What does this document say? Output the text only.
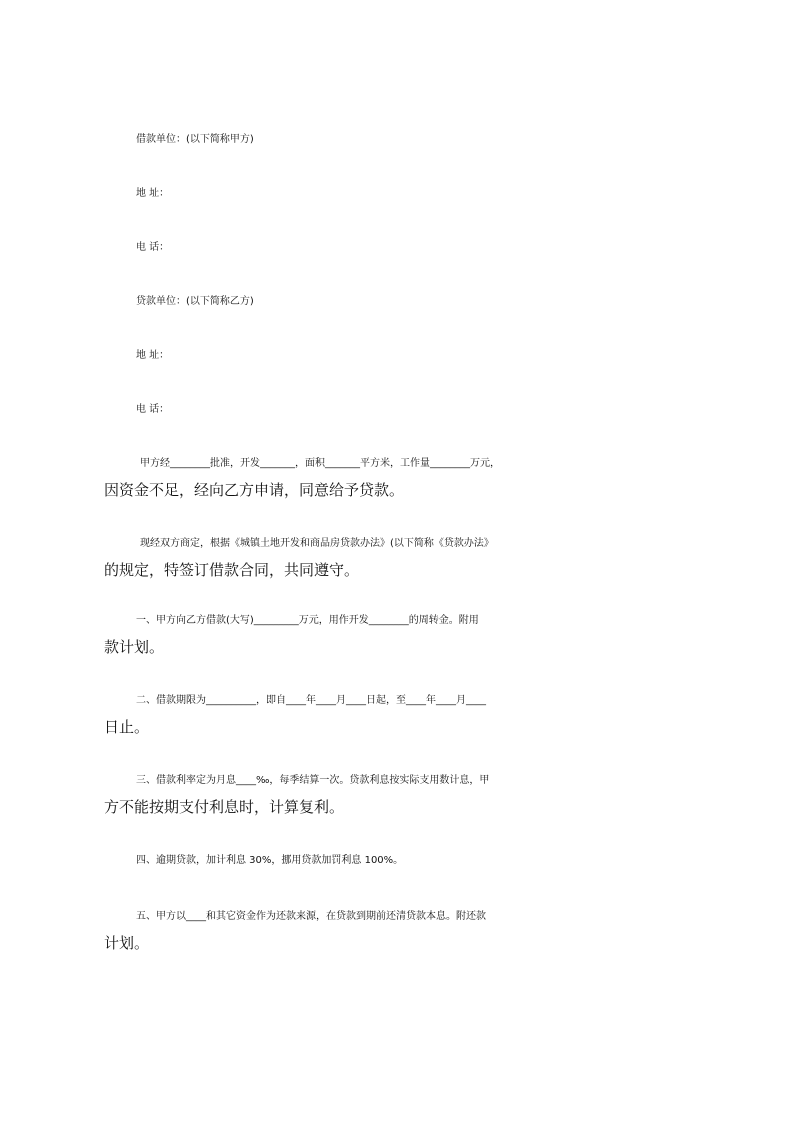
借款单位：(以下简称甲方)
地 址：
电 话：
贷款单位：(以下简称乙方)
地 址：
电 话：
甲方经________批准，开发_______，面积_______平方米，工作量________万元，
因资金不足，经向乙方申请，同意给予贷款。
现经双方商定，根据《城镇土地开发和商品房贷款办法》(以下简称《贷款办法》
的规定，特签订借款合同，共同遵守。
一、甲方向乙方借款(大写)_________万元，用作开发________的周转金。附用
款计划。
二、借款期限为__________，即自____年____月____日起，至____年____月____
日止。
三、借款利率定为月息____‰，每季结算一次。贷款利息按实际支用数计息，甲
方不能按期支付利息时，计算复利。
四、逾期贷款，加计利息 30%，挪用贷款加罚利息 100%。
五、甲方以____和其它资金作为还款来源，在贷款到期前还清贷款本息。附还款
计划。
